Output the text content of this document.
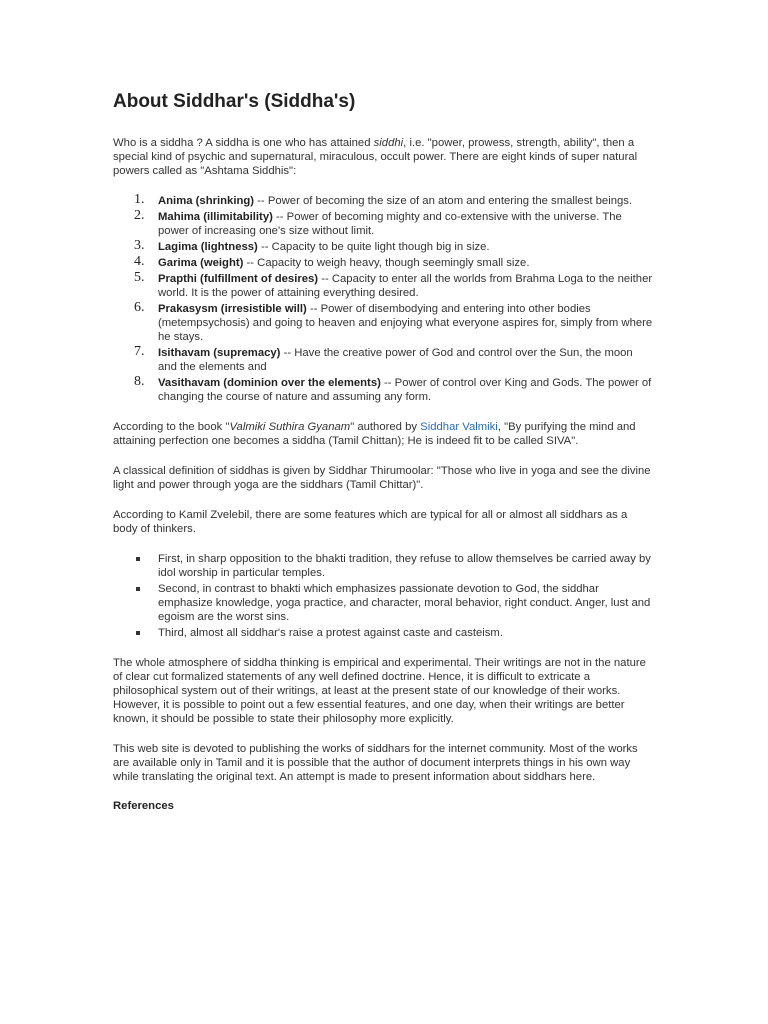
About Siddhar's (Siddha's)

Who is a siddha ? A siddha is one who has attained siddhi, i.e. "power, prowess, strength, ability", then a special kind of psychic and supernatural, miraculous, occult power. There are eight kinds of super natural powers called as "Ashtama Siddhis":

1. Anima (shrinking) -- Power of becoming the size of an atom and entering the smallest beings.
2. Mahima (illimitability) -- Power of becoming mighty and co-extensive with the universe. The power of increasing one's size without limit.
3. Lagima (lightness) -- Capacity to be quite light though big in size.
4. Garima (weight) -- Capacity to weigh heavy, though seemingly small size.
5. Prapthi (fulfillment of desires) -- Capacity to enter all the worlds from Brahma Loga to the neither world. It is the power of attaining everything desired.
6. Prakasysm (irresistible will) -- Power of disembodying and entering into other bodies (metempsychosis) and going to heaven and enjoying what everyone aspires for, simply from where he stays.
7. Isithavam (supremacy) -- Have the creative power of God and control over the Sun, the moon and the elements and
8. Vasithavam (dominion over the elements) -- Power of control over King and Gods. The power of changing the course of nature and assuming any form.

According to the book "Valmiki Suthira Gyanam" authored by Siddhar Valmiki, "By purifying the mind and attaining perfection one becomes a siddha (Tamil Chittan); He is indeed fit to be called SIVA".

A classical definition of siddhas is given by Siddhar Thirumoolar: "Those who live in yoga and see the divine light and power through yoga are the siddhars (Tamil Chittar)".

According to Kamil Zvelebil, there are some features which are typical for all or almost all siddhars as a body of thinkers.

First, in sharp opposition to the bhakti tradition, they refuse to allow themselves be carried away by idol worship in particular temples.
Second, in contrast to bhakti which emphasizes passionate devotion to God, the siddhar emphasize knowledge, yoga practice, and character, moral behavior, right conduct. Anger, lust and egoism are the worst sins.
Third, almost all siddhar's raise a protest against caste and casteism.

The whole atmosphere of siddha thinking is empirical and experimental. Their writings are not in the nature of clear cut formalized statements of any well defined doctrine. Hence, it is difficult to extricate a philosophical system out of their writings, at least at the present state of our knowledge of their works. However, it is possible to point out a few essential features, and one day, when their writings are better known, it should be possible to state their philosophy more explicitly.

This web site is devoted to publishing the works of siddhars for the internet community. Most of the works are available only in Tamil and it is possible that the author of document interprets things in his own way while translating the original text. An attempt is made to present information about siddhars here.

References
